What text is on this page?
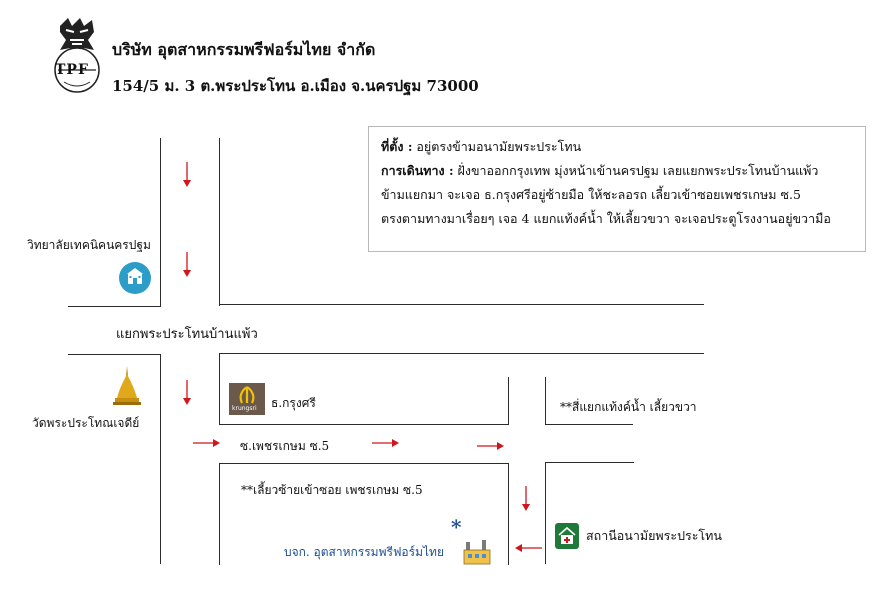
TPF
บริษัท อุตสาหกรรมพรีฟอร์มไทย จำกัด
154/5 ม. 3 ต.พระประโทน อ.เมือง จ.นครปฐม 73000
ที่ตั้ง : อยู่ตรงข้ามอนามัยพระประโทน
การเดินทาง : ฝั่งขาออกกรุงเทพ มุ่งหน้าเข้านครปฐม เลยแยกพระประโทนบ้านแพ้ว
ข้ามแยกมา จะเจอ ธ.กรุงศรีอยู่ซ้ายมือ ให้ชะลอรถ เลี้ยวเข้าซอยเพชรเกษม ซ.5
ตรงตามทางมาเรื่อยๆ เจอ 4 แยกแท้งค์น้ำ ให้เลี้ยวขวา จะเจอประตูโรงงานอยู่ขวามือ
วิทยาลัยเทคนิคนครปฐม
แยกพระประโทนบ้านแพ้ว
วัดพระประโทณเจดีย์
krungsri ธ.กรุงศรี	**สี่แยกแท้งค์น้ำ เลี้ยวขวา
ซ.เพชรเกษม ซ.5
**เลี้ยวซ้ายเข้าซอย เพชรเกษม ซ.5
สถานีอนามัยพระประโทน
*
บจก. อุตสาหกรรมพรีฟอร์มไทย
